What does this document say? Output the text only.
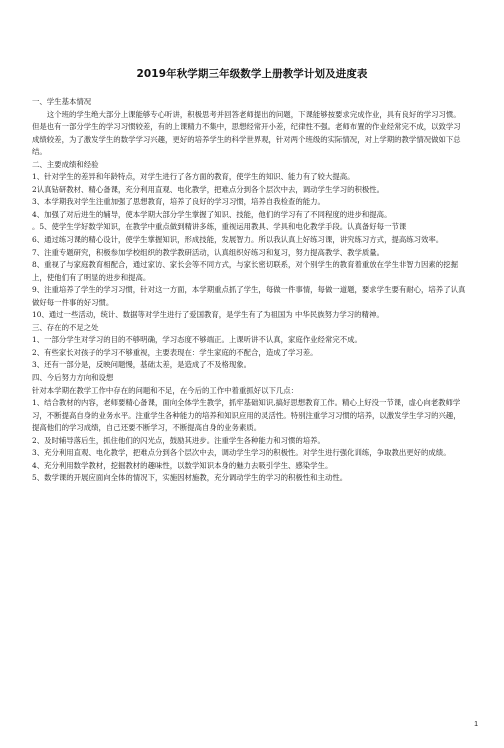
2019年秋学期三年级数学上册教学计划及进度表

一、学生基本情况

这个班的学生绝大部分上课能够专心听讲，积极思考并回答老师提出的问题，下课能够按要求完成作业，具有良好的学习习惯。但是也有一部分学生的学习习惯较差，有的上课精力不集中，思想经常开小差，纪律性不强。老师布置的作业经常完不成，以致学习成绩较差，为了激发学生的数学学习兴趣，更好的培养学生的科学世界观，针对两个班级的实际情况，对上学期的教学情况做如下总结。

二、主要成绩和经验

1、针对学生的差异和年龄特点，对学生进行了各方面的教育，使学生的知识、能力有了较大提高。

2认真钻研教材、精心备课，充分利用直观、电化教学，把难点分到各个层次中去，调动学生学习的积极性。

3、本学期我对学生注重加强了思想教育，培养了良好的学习习惯，培养自我检查的能力。

4、加强了对后进生的辅导，使本学期大部分学生掌握了知识、技能，他们的学习有了不同程度的进步和提高。

。5、使学生学好数学知识，在教学中重点做到精讲多练，重视运用教具、学具和电化教学手段。认真备好每一节课

6、通过练习课的精心设计，使学生掌握知识，形成技能，发展智力。所以我认真上好练习课，讲究练习方式，提高练习效率。

7、注重专题研究，积极参加学校组织的教学教研活动，认真组织好练习和复习，努力提高教学、教学质量。

8、重视了与家庭教育相配合，通过家访、家长会等不同方式，与家长密切联系，对个别学生的教育着重放在学生非智力因素的挖掘上，使他们有了明显的进步和提高。

9、注重培养了学生的学习习惯，针对这一方面，本学期重点抓了学生，每做一件事情，每做一道题，要求学生要有耐心，培养了认真做好每一件事的好习惯。

10、通过一些活动，统计、数据等对学生进行了爱国教育，是学生有了为祖国为 中华民族努力学习的精神。

三、存在的不足之处

1、一部分学生对学习的目的不够明确，学习态度不够端正。上课听讲不认真，家庭作业经常完不成。

2、有些家长对孩子的学习不够重视，主要表现在：学生家庭的不配合，造成了学习差。

3、还有一部分是，反映问题慢，基础太差，是造成了不及格现象。

四、今后努力方向和设想

针对本学期在教学工作中存在的问题和不足，在今后的工作中着重抓好以下几点：

1、结合教材的内容，老师要精心备课，面向全体学生教学，抓牢基础知识,搞好思想教育工作。精心上好没一节课，虚心向老教师学习，不断提高自身的业务水平。注重学生各种能力的培养和知识应用的灵活性。特别注重学习习惯的培养，以激发学生学习的兴趣，提高他们的学习成绩，自己还要不断学习，不断提高自身的业务素质。

2、及时辅导落后生，抓住他们的闪光点，鼓励其进步。注重学生各种能力和习惯的培养。

3、充分利用直观、电化教学，把难点分到各个层次中去，调动学生学习的积极性。对学生进行强化训练，争取教出更好的成绩。

4、充分利用数学教材，挖掘教材的趣味性，以数学知识本身的魅力去吸引学生、感染学生。

5、数学课的开展应面向全体的情况下，实施因材施教，充分调动学生的学习的积极性和主动性。

1
